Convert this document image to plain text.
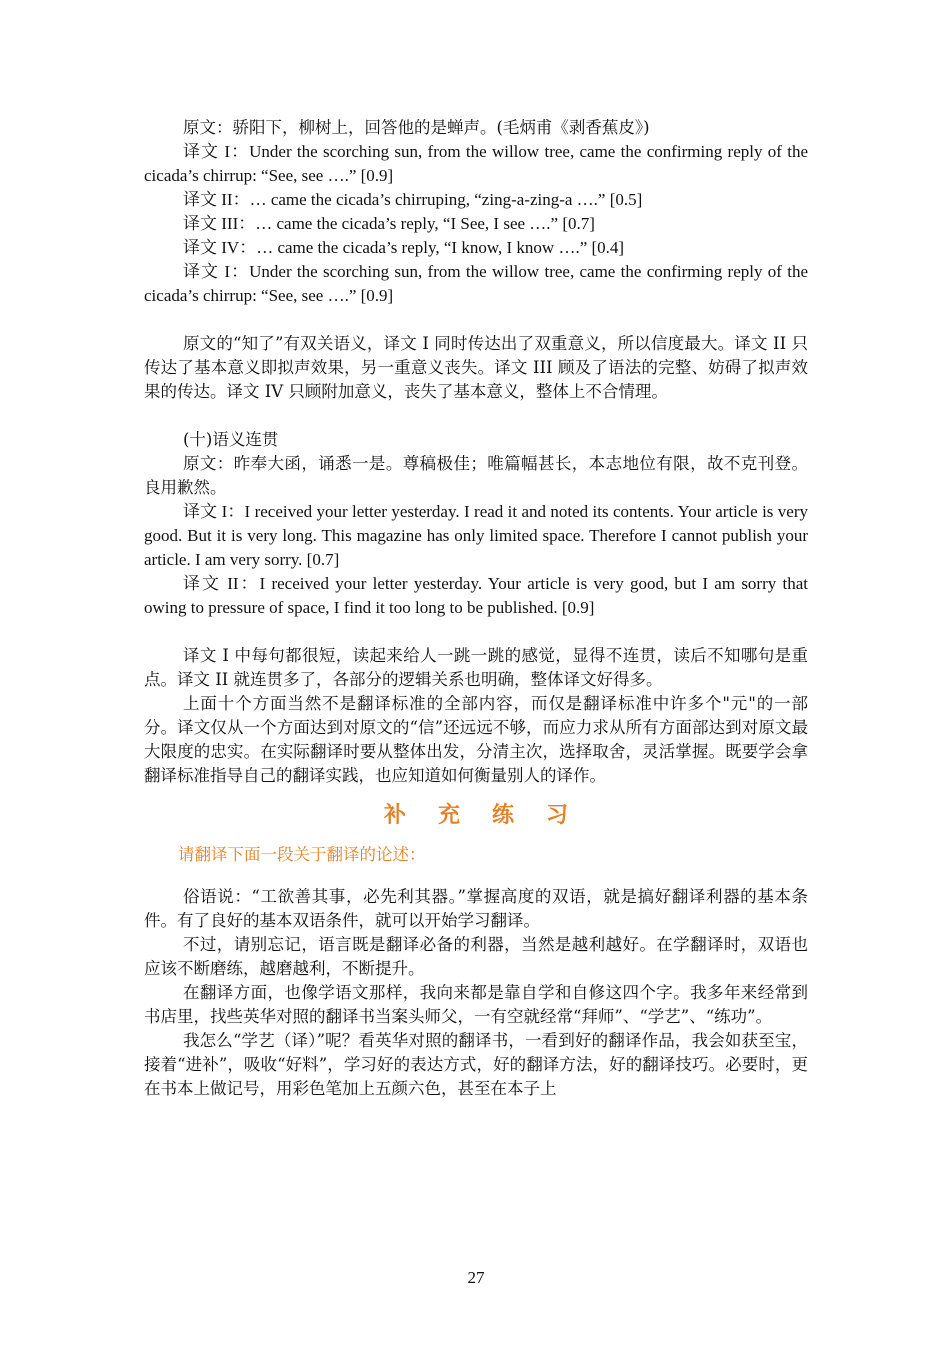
原文：骄阳下，柳树上，回答他的是蝉声。(毛炳甫《剥香蕉皮》)

译文 I：Under the scorching sun, from the willow tree, came the confirming reply of the cicada’s chirrup: “See, see ….” [0.9]

译文 II：… came the cicada’s chirruping, “zing-a-zing-a ….” [0.5]

译文 III：… came the cicada’s reply, “I See, I see ….” [0.7]

译文 IV：… came the cicada’s reply, “I know, I know ….” [0.4]

译文 I：Under the scorching sun, from the willow tree, came the confirming reply of the cicada’s chirrup: “See, see ….” [0.9]

原文的“知了”有双关语义，译文 I 同时传达出了双重意义，所以信度最大。译文 II 只传达了基本意义即拟声效果，另一重意义丧失。译文 III 顾及了语法的完整、妨碍了拟声效果的传达。译文 IV 只顾附加意义，丧失了基本意义，整体上不合情理。

(十)语义连贯

原文：昨奉大函，诵悉一是。尊稿极佳；唯篇幅甚长，本志地位有限，故不克刊登。良用歉然。

译文 I：I received your letter yesterday. I read it and noted its contents. Your article is very good. But it is very long. This magazine has only limited space. Therefore I cannot publish your article. I am very sorry. [0.7]

译文 II：I received your letter yesterday. Your article is very good, but I am sorry that owing to pressure of space, I find it too long to be published. [0.9]

译文 I 中每句都很短，读起来给人一跳一跳的感觉，显得不连贯，读后不知哪句是重点。译文 II 就连贯多了，各部分的逻辑关系也明确，整体译文好得多。

上面十个方面当然不是翻译标准的全部内容，而仅是翻译标准中许多个"元"的一部分。译文仅从一个方面达到对原文的“信”还远远不够，而应力求从所有方面部达到对原文最大限度的忠实。在实际翻译时要从整体出发，分清主次，选择取舍，灵活掌握。既要学会拿翻译标准指导自己的翻译实践，也应知道如何衡量别人的译作。

补充练习

请翻译下面一段关于翻译的论述：

俗语说：“工欲善其事，必先利其器。”掌握高度的双语，就是搞好翻译利器的基本条件。有了良好的基本双语条件，就可以开始学习翻译。

不过，请别忘记，语言既是翻译必备的利器，当然是越利越好。在学翻译时，双语也应该不断磨练，越磨越利，不断提升。

在翻译方面，也像学语文那样，我向来都是靠自学和自修这四个字。我多年来经常到书店里，找些英华对照的翻译书当案头师父，一有空就经常“拜师”、“学艺”、“练功”。

我怎么“学艺（译）”呢？看英华对照的翻译书，一看到好的翻译作品，我会如获至宝，接着“进补”，吸收“好料”，学习好的表达方式，好的翻译方法，好的翻译技巧。必要时，更在书本上做记号，用彩色笔加上五颜六色，甚至在本子上

27
